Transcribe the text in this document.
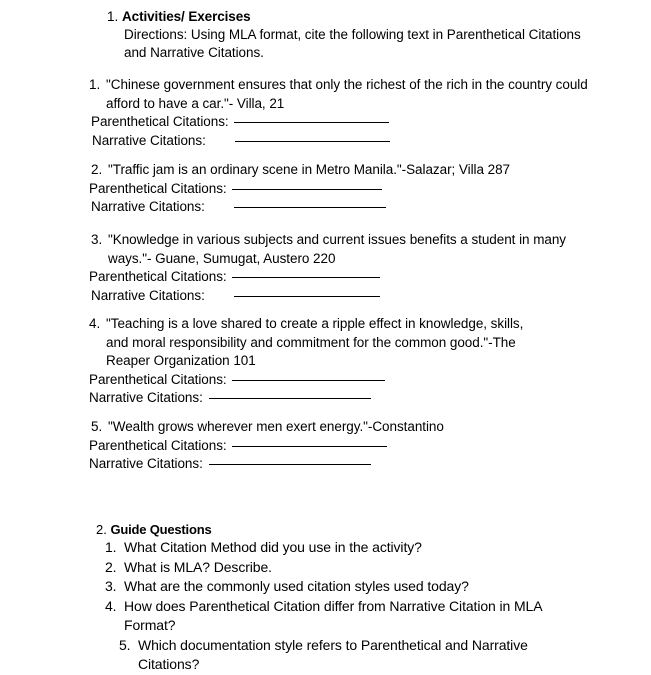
1. Activities/ Exercises
Directions: Using MLA format, cite the following text in Parenthetical Citations and Narrative Citations.
1. "Chinese government ensures that only the richest of the rich in the country could afford to have a car."- Villa, 21
Parenthetical Citations:
Narrative Citations:
2. "Traffic jam is an ordinary scene in Metro Manila."-Salazar; Villa 287
Parenthetical Citations:
Narrative Citations:
3. "Knowledge in various subjects and current issues benefits a student in many ways."- Guane, Sumugat, Austero 220
Parenthetical Citations:
Narrative Citations:
4. "Teaching is a love shared to create a ripple effect in knowledge, skills, and moral responsibility and commitment for the common good."-The Reaper Organization 101
Parenthetical Citations:
Narrative Citations:
5. "Wealth grows wherever men exert energy."-Constantino
Parenthetical Citations:
Narrative Citations:
2. Guide Questions
1. What Citation Method did you use in the activity?
2. What is MLA? Describe.
3. What are the commonly used citation styles used today?
4. How does Parenthetical Citation differ from Narrative Citation in MLA Format?
5. Which documentation style refers to Parenthetical and Narrative Citations?
